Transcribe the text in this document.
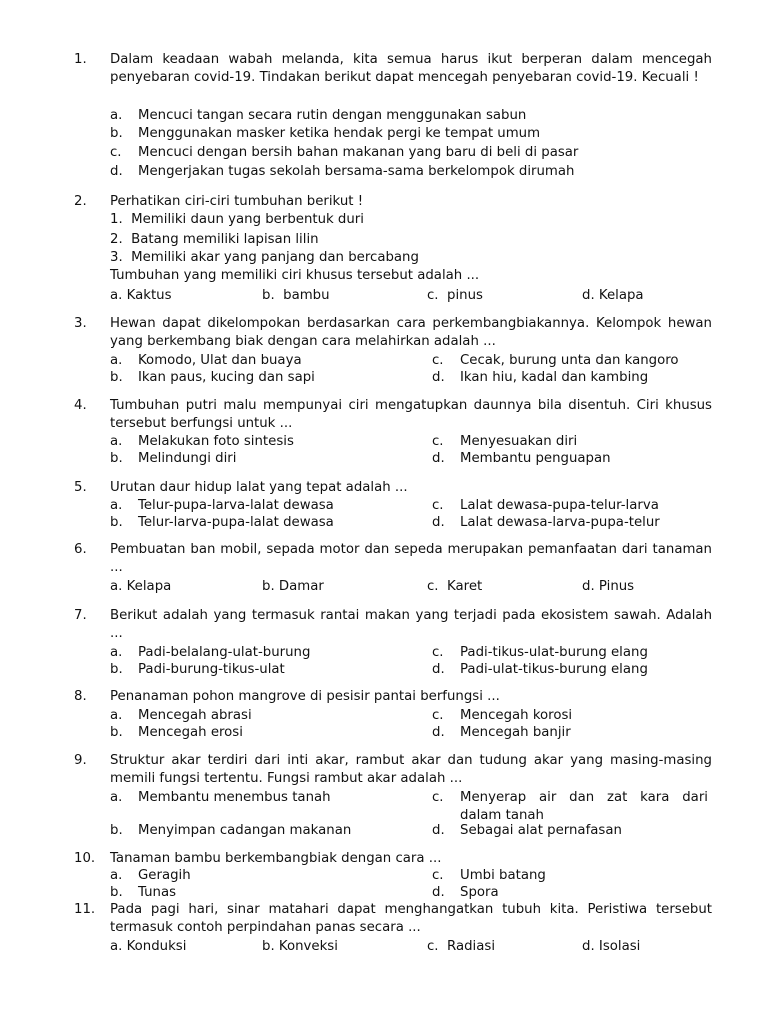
1. Dalam keadaan wabah melanda, kita semua harus ikut berperan dalam mencegah penyebaran covid-19. Tindakan berikut dapat mencegah penyebaran covid-19. Kecuali !
a. Mencuci tangan secara rutin dengan menggunakan sabun
b. Menggunakan masker ketika hendak pergi ke tempat umum
c. Mencuci dengan bersih bahan makanan yang baru di beli di pasar
d. Mengerjakan tugas sekolah bersama-sama berkelompok dirumah
2. Perhatikan ciri-ciri tumbuhan berikut !
1.  Memiliki daun yang berbentuk duri
2.  Batang memiliki lapisan lilin
3.  Memiliki akar yang panjang dan bercabang
Tumbuhan yang memiliki ciri khusus tersebut adalah ...
a. Kaktus	b. bambu	c. pinus	d. Kelapa
3. Hewan dapat dikelompokan berdasarkan cara perkembangbiakannya. Kelompok hewan yang berkembang biak dengan cara melahirkan adalah ...
a. Komodo, Ulat dan buaya
b. Ikan paus, kucing dan sapi
c. Cecak, burung unta dan kangoro
d. Ikan hiu, kadal dan kambing
4. Tumbuhan putri malu mempunyai ciri mengatupkan daunnya bila disentuh. Ciri khusus tersebut berfungsi untuk ...
a. Melakukan foto sintesis
b. Melindungi diri
c. Menyesuakan diri
d. Membantu penguapan
5. Urutan daur hidup lalat yang tepat adalah ...
a. Telur-pupa-larva-lalat dewasa
b. Telur-larva-pupa-lalat dewasa
c. Lalat dewasa-pupa-telur-larva
d. Lalat dewasa-larva-pupa-telur
6. Pembuatan ban mobil, sepada motor dan sepeda merupakan pemanfaatan dari tanaman ...
a. Kelapa	b. Damar	c. Karet	d. Pinus
7. Berikut adalah yang termasuk rantai makan yang terjadi pada ekosistem sawah. Adalah ...
a. Padi-belalang-ulat-burung
b. Padi-burung-tikus-ulat
c. Padi-tikus-ulat-burung elang
d. Padi-ulat-tikus-burung elang
8. Penanaman pohon mangrove di pesisir pantai berfungsi ...
a. Mencegah abrasi
b. Mencegah erosi
c. Mencegah korosi
d. Mencegah banjir
9. Struktur akar terdiri dari inti akar, rambut akar dan tudung akar yang masing-masing memili fungsi tertentu. Fungsi rambut akar adalah ...
a. Membantu menembus tanah
b. Menyimpan cadangan makanan
c.	Menyerap air dan zat kara dari dalam tanah
d. Sebagai alat pernafasan
10. Tanaman bambu berkembangbiak dengan cara ...
a. Geragih
b. Tunas
c. Umbi batang
d. Spora
11. Pada pagi hari, sinar matahari dapat menghangatkan tubuh kita. Peristiwa tersebut termasuk contoh perpindahan panas secara ...
a. Konduksi	b. Konveksi	c. Radiasi	d. Isolasi
